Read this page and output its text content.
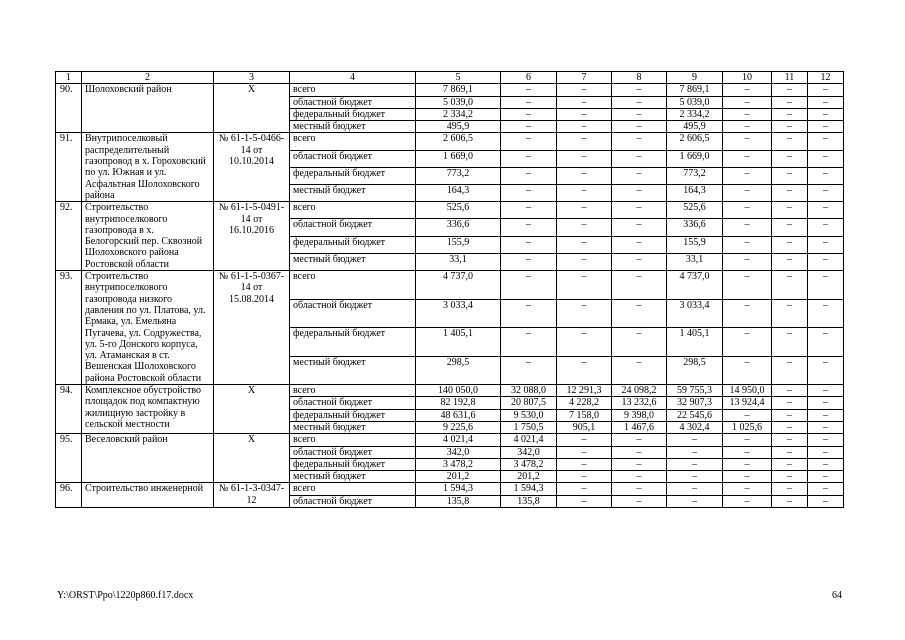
1	2	3	4	5	6	7	8	9	10	11	12
90.	Шолоховский район	Х	всего	7 869,1	–	–	–	7 869,1	–	–	–
			областной бюджет	5 039,0	–	–	–	5 039,0	–	–	–
			федеральный бюджет	2 334,2	–	–	–	2 334,2	–	–	–
			местный бюджет	495,9	–	–	–	495,9	–	–	–
91.	Внутрипоселковый распределительный газопровод в х. Гороховский по ул. Южная и ул. Асфальтная Шолоховского района	№ 61-1-5-0466-14 от 10.10.2014	всего	2 606,5	–	–	–	2 606,5	–	–	–
			областной бюджет	1 669,0	–	–	–	1 669,0	–	–	–
			федеральный бюджет	773,2	–	–	–	773,2	–	–	–
			местный бюджет	164,3	–	–	–	164,3	–	–	–
92.	Строительство внутрипоселкового газопровода в х. Белогорский пер. Сквозной Шолоховского района Ростовской области	№ 61-1-5-0491-14 от 16.10.2016	всего	525,6	–	–	–	525,6	–	–	–
			областной бюджет	336,6	–	–	–	336,6	–	–	–
			федеральный бюджет	155,9	–	–	–	155,9	–	–	–
			местный бюджет	33,1	–	–	–	33,1	–	–	–
93.	Строительство внутрипоселкового газопровода низкого давления по ул. Платова, ул. Ермака, ул. Емельяна Пугачева, ул. Содружества, ул. 5-го Донского корпуса, ул. Атаманская в ст. Вешенская Шолоховского района Ростовской области	№ 61-1-5-0367-14 от 15.08.2014	всего	4 737,0	–	–	–	4 737,0	–	–	–
			областной бюджет	3 033,4	–	–	–	3 033,4	–	–	–
			федеральный бюджет	1 405,1	–	–	–	1 405,1	–	–	–
			местный бюджет	298,5	–	–	–	298,5	–	–	–
94.	Комплексное обустройство площадок под компактную жилищную застройку в сельской местности	Х	всего	140 050,0	32 088,0	12 291,3	24 098,2	59 755,3	14 950,0	–	–
			областной бюджет	82 192,8	20 807,5	4 228,2	13 232,6	32 907,3	13 924,4	–	–
			федеральный бюджет	48 631,6	9 530,0	7 158,0	9 398,0	22 545,6	–	–	–
			местный бюджет	9 225,6	1 750,5	905,1	1 467,6	4 302,4	1 025,6	–	–
95.	Веселовский район	Х	всего	4 021,4	4 021,4	–	–	–	–	–	–
			областной бюджет	342,0	342,0	–	–	–	–	–	–
			федеральный бюджет	3 478,2	3 478,2	–	–	–	–	–	–
			местный бюджет	201,2	201,2	–	–	–	–	–	–
96.	Строительство инженерной	№ 61-1-3-0347-12	всего	1 594,3	1 594,3	–	–	–	–	–	–
			областной бюджет	135,8	135,8	–	–	–	–	–	–
Y:\ORST\Ppo\1220p860.f17.docx	64
